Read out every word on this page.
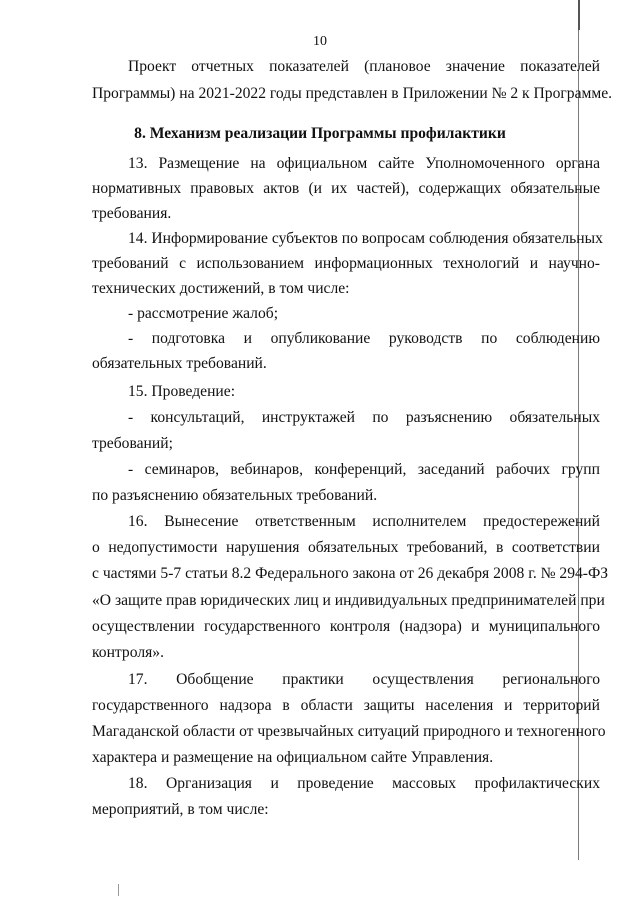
10
Проект отчетных показателей (плановое значение показателей
Программы) на 2021-2022 годы представлен в Приложении № 2 к Программе.
8. Механизм реализации Программы профилактики
13. Размещение на официальном сайте Уполномоченного органа
нормативных правовых актов (и их частей), содержащих обязательные
требования.
14. Информирование субъектов по вопросам соблюдения обязательных
требований с использованием информационных технологий и научно-
технических достижений, в том числе:
- рассмотрение жалоб;
- подготовка и опубликование руководств по соблюдению
обязательных требований.
15. Проведение:
- консультаций, инструктажей по разъяснению обязательных
требований;
- семинаров, вебинаров, конференций, заседаний рабочих групп
по разъяснению обязательных требований.
16. Вынесение ответственным исполнителем предостережений
о недопустимости нарушения обязательных требований, в соответствии
с частями 5-7 статьи 8.2 Федерального закона от 26 декабря 2008 г. № 294-ФЗ
«О защите прав юридических лиц и индивидуальных предпринимателей при
осуществлении государственного контроля (надзора) и муниципального
контроля».
17. Обобщение практики осуществления регионального
государственного надзора в области защиты населения и территорий
Магаданской области от чрезвычайных ситуаций природного и техногенного
характера и размещение на официальном сайте Управления.
18. Организация и проведение массовых профилактических
мероприятий, в том числе:
